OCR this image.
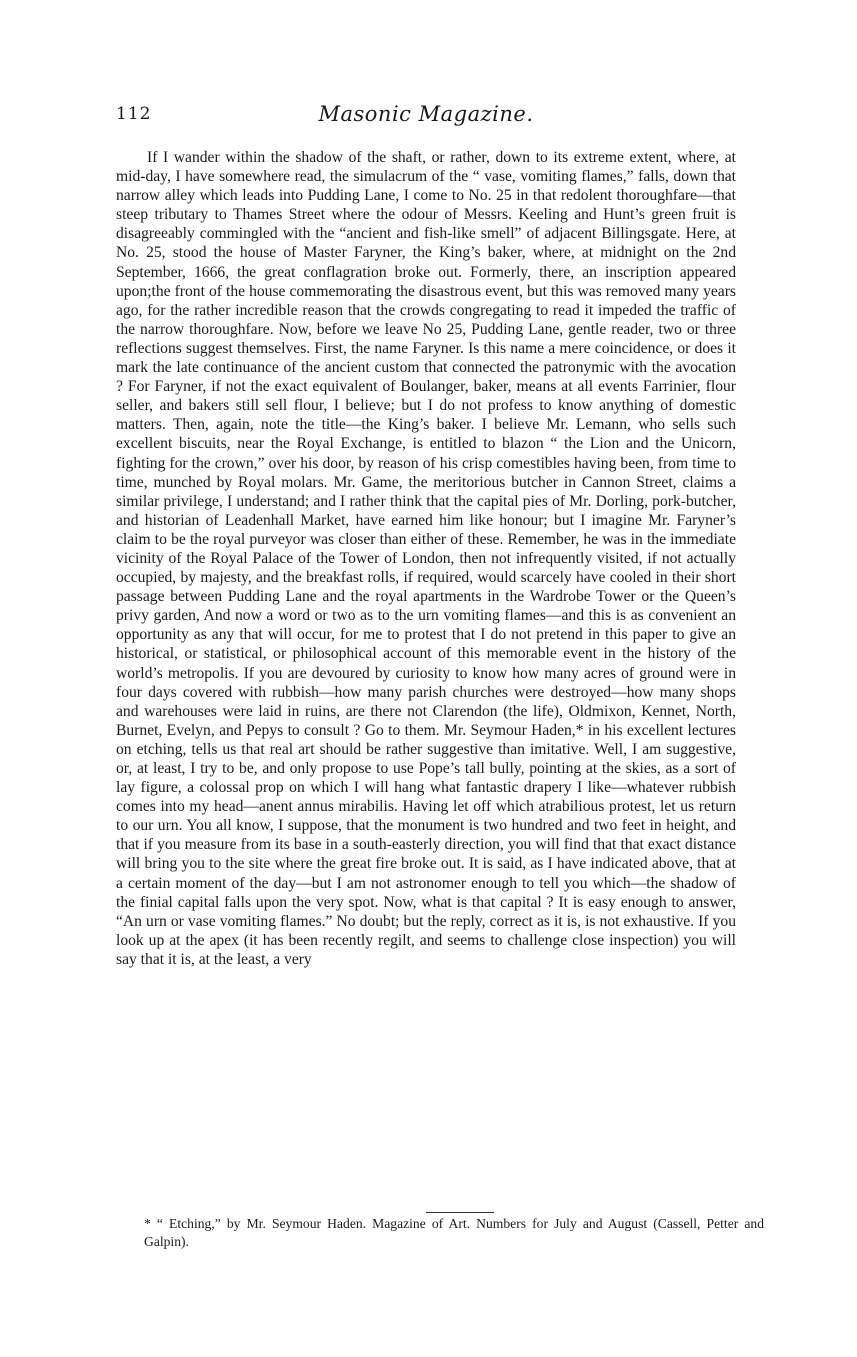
112	Masonic Magazine.

If I wander within the shadow of the shaft, or rather, down to its extreme extent, where, at mid-day, I have somewhere read, the simulacrum of the “ vase, vomiting flames,” falls, down that narrow alley which leads into Pudding Lane, I come to No. 25 in that redolent thoroughfare—that steep tributary to Thames Street where the odour of Messrs. Keeling and Hunt’s green fruit is disagreeably commingled with the “ancient and fish-like smell” of adjacent Billingsgate. Here, at No. 25, stood the house of Master Faryner, the King’s baker, where, at midnight on the 2nd September, 1666, the great conflagration broke out. Formerly, there, an inscription appeared upon;the front of the house commemorating the disastrous event, but this was removed many years ago, for the rather incredible reason that the crowds congregating to read it impeded the traffic of the narrow thoroughfare. Now, before we leave No 25, Pudding Lane, gentle reader, two or three reflections suggest themselves. First, the name Faryner. Is this name a mere coincidence, or does it mark the late continuance of the ancient custom that connected the patronymic with the avocation ? For Faryner, if not the exact equivalent of Boulanger, baker, means at all events Farrinier, flour seller, and bakers still sell flour, I believe; but I do not profess to know anything of domestic matters. Then, again, note the title—the King’s baker. I believe Mr. Lemann, who sells such excellent biscuits, near the Royal Exchange, is entitled to blazon “ the Lion and the Unicorn, fighting for the crown,” over his door, by reason of his crisp comestibles having been, from time to time, munched by Royal molars. Mr. Game, the meritorious butcher in Cannon Street, claims a similar privilege, I understand; and I rather think that the capital pies of Mr. Dorling, pork-butcher, and historian of Leadenhall Market, have earned him like honour; but I imagine Mr. Faryner’s claim to be the royal purveyor was closer than either of these. Remember, he was in the immediate vicinity of the Royal Palace of the Tower of London, then not infrequently visited, if not actually occupied, by majesty, and the breakfast rolls, if required, would scarcely have cooled in their short passage between Pudding Lane and the royal apartments in the Wardrobe Tower or the Queen’s privy garden, And now a word or two as to the urn vomiting flames—and this is as convenient an opportunity as any that will occur, for me to protest that I do not pretend in this paper to give an historical, or statistical, or philosophical account of this memorable event in the history of the world’s metropolis. If you are devoured by curiosity to know how many acres of ground were in four days covered with rubbish—how many parish churches were destroyed—how many shops and warehouses were laid in ruins, are there not Clarendon (the life), Oldmixon, Kennet, North, Burnet, Evelyn, and Pepys to consult ? Go to them. Mr. Seymour Haden,* in his excellent lectures on etching, tells us that real art should be rather suggestive than imitative. Well, I am suggestive, or, at least, I try to be, and only propose to use Pope’s tall bully, pointing at the skies, as a sort of lay figure, a colossal prop on which I will hang what fantastic drapery I like—whatever rubbish comes into my head—anent annus mirabilis. Having let off which atrabilious protest, let us return to our urn. You all know, I suppose, that the monument is two hundred and two feet in height, and that if you measure from its base in a south-easterly direction, you will find that that exact distance will bring you to the site where the great fire broke out. It is said, as I have indicated above, that at a certain moment of the day—but I am not astronomer enough to tell you which—the shadow of the finial capital falls upon the very spot. Now, what is that capital ? It is easy enough to answer, “An urn or vase vomiting flames.” No doubt; but the reply, correct as it is, is not exhaustive. If you look up at the apex (it has been recently regilt, and seems to challenge close inspection) you will say that it is, at the least, a very

* “ Etching,” by Mr. Seymour Haden. Magazine of Art. Numbers for July and August (Cassell, Petter and Galpin).
